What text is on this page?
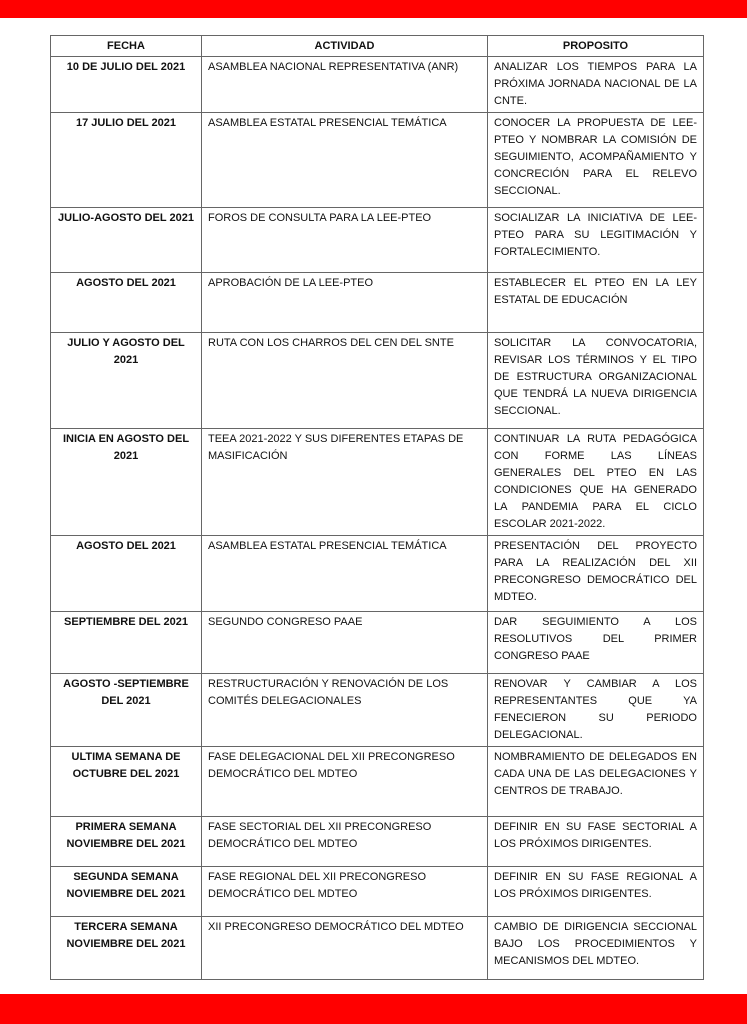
FECHA	ACTIVIDAD	PROPOSITO
10 DE JULIO DEL 2021	ASAMBLEA NACIONAL REPRESENTATIVA (ANR)	ANALIZAR LOS TIEMPOS PARA LA PRÓXIMA JORNADA NACIONAL DE LA CNTE.
17 JULIO DEL 2021	ASAMBLEA ESTATAL PRESENCIAL TEMÁTICA	CONOCER LA PROPUESTA DE LEE-PTEO Y NOMBRAR LA COMISIÓN DE SEGUIMIENTO, ACOMPAÑAMIENTO Y CONCRECIÓN PARA EL RELEVO SECCIONAL.
JULIO-AGOSTO DEL 2021	FOROS DE CONSULTA PARA LA LEE-PTEO	SOCIALIZAR LA INICIATIVA DE LEE-PTEO PARA SU LEGITIMACIÓN Y FORTALECIMIENTO.
AGOSTO DEL 2021	APROBACIÓN DE LA LEE-PTEO	ESTABLECER EL PTEO EN LA LEY ESTATAL DE EDUCACIÓN
JULIO Y AGOSTO DEL 2021	RUTA CON LOS CHARROS DEL CEN DEL SNTE	SOLICITAR LA CONVOCATORIA, REVISAR LOS TÉRMINOS Y EL TIPO DE ESTRUCTURA ORGANIZACIONAL QUE TENDRÁ LA NUEVA DIRIGENCIA SECCIONAL.
INICIA EN AGOSTO DEL 2021	TEEA 2021-2022 Y SUS DIFERENTES ETAPAS DE MASIFICACIÓN	CONTINUAR LA RUTA PEDAGÓGICA CON FORME LAS LÍNEAS GENERALES DEL PTEO EN LAS CONDICIONES QUE HA GENERADO LA PANDEMIA PARA EL CICLO ESCOLAR 2021-2022.
AGOSTO DEL 2021	ASAMBLEA ESTATAL PRESENCIAL TEMÁTICA	PRESENTACIÓN DEL PROYECTO PARA LA REALIZACIÓN DEL XII PRECONGRESO DEMOCRÁTICO DEL MDTEO.
SEPTIEMBRE DEL 2021	SEGUNDO CONGRESO PAAE	DAR SEGUIMIENTO A LOS RESOLUTIVOS DEL PRIMER CONGRESO PAAE
AGOSTO -SEPTIEMBRE DEL 2021	RESTRUCTURACIÓN Y RENOVACIÓN DE LOS COMITÉS DELEGACIONALES	RENOVAR Y CAMBIAR A LOS REPRESENTANTES QUE YA FENECIERON SU PERIODO DELEGACIONAL.
ULTIMA SEMANA DE OCTUBRE DEL 2021	FASE DELEGACIONAL DEL XII PRECONGRESO DEMOCRÁTICO DEL MDTEO	NOMBRAMIENTO DE DELEGADOS EN CADA UNA DE LAS DELEGACIONES Y CENTROS DE TRABAJO.
PRIMERA SEMANA NOVIEMBRE DEL 2021	FASE SECTORIAL DEL XII PRECONGRESO DEMOCRÁTICO DEL MDTEO	DEFINIR EN SU FASE SECTORIAL A LOS PRÓXIMOS DIRIGENTES.
SEGUNDA SEMANA NOVIEMBRE DEL 2021	FASE REGIONAL DEL XII PRECONGRESO DEMOCRÁTICO DEL MDTEO	DEFINIR EN SU FASE REGIONAL A LOS PRÓXIMOS DIRIGENTES.
TERCERA SEMANA NOVIEMBRE DEL 2021	XII PRECONGRESO DEMOCRÁTICO DEL MDTEO	CAMBIO DE DIRIGENCIA SECCIONAL BAJO LOS PROCEDIMIENTOS Y MECANISMOS DEL MDTEO.
